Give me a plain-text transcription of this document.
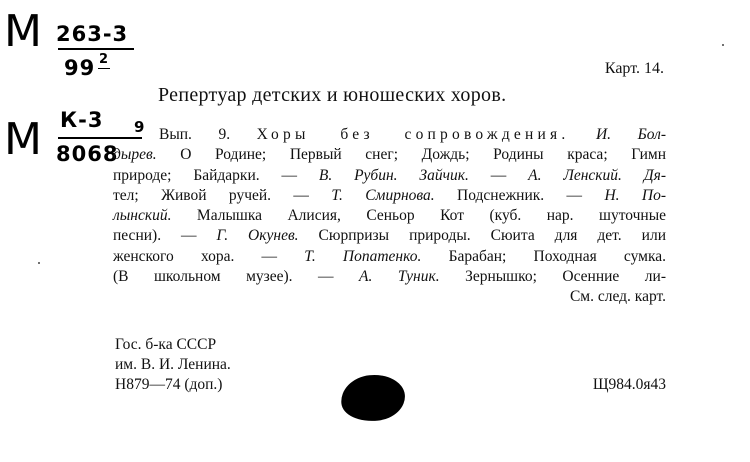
М 263-3
99 2
М К-3 9
8068
Карт. 14.
Репертуар детских и юношеских хоров.
Вып. 9. Хоры без сопровождения. И. Бол-
дырев. О Родине; Первый снег; Дождь; Родины краса; Гимн
природе; Байдарки. — В. Рубин. Зайчик. — А. Ленский. Дя-
тел; Живой ручей. — Т. Смирнова. Подснежник. — Н. По-
лынский. Малышка Алисия, Сеньор Кот (куб. нар. шуточные
песни). — Г. Окунев. Сюрпризы природы. Сюита для дет. или
женского хора. — Т. Попатенко. Барабан; Походная сумка.
(В школьном музее). — А. Туник. Зернышко; Осенние ли-
См. след. карт.
Гос. б-ка СССР
им. В. И. Ленина.
Н879—74 (доп.)	Щ984.0я43
